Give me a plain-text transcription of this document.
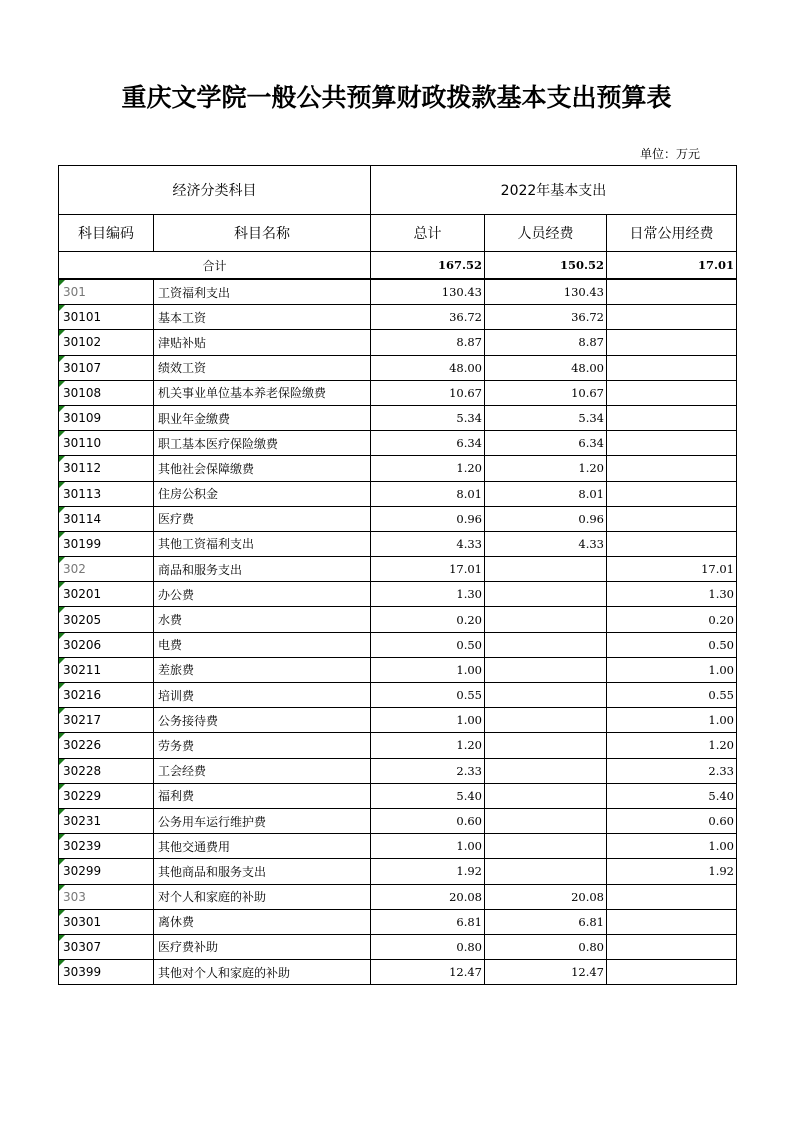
重庆文学院一般公共预算财政拨款基本支出预算表
单位：万元
经济分类科目		2022年基本支出		
科目编码	科目名称	总计	人员经费	日常公用经费
合计		167.52	150.52	17.01

301	工资福利支出	130.43	130.43	

30101	基本工资	36.72	36.72	

30102	津贴补贴	8.87	8.87	

30107	绩效工资	48.00	48.00	

30108	机关事业单位基本养老保险缴费	10.67	10.67	

30109	职业年金缴费	5.34	5.34	

30110	职工基本医疗保险缴费	6.34	6.34	

30112	其他社会保障缴费	1.20	1.20	

30113	住房公积金	8.01	8.01	

30114	医疗费	0.96	0.96	

30199	其他工资福利支出	4.33	4.33	

302	商品和服务支出	17.01		17.01

30201	办公费	1.30		1.30

30205	水费	0.20		0.20

30206	电费	0.50		0.50

30211	差旅费	1.00		1.00

30216	培训费	0.55		0.55

30217	公务接待费	1.00		1.00

30226	劳务费	1.20		1.20

30228	工会经费	2.33		2.33

30229	福利费	5.40		5.40

30231	公务用车运行维护费	0.60		0.60

30239	其他交通费用	1.00		1.00

30299	其他商品和服务支出	1.92		1.92

303	对个人和家庭的补助	20.08	20.08	

30301	离休费	6.81	6.81	

30307	医疗费补助	0.80	0.80	

30399	其他对个人和家庭的补助	12.47	12.47	
